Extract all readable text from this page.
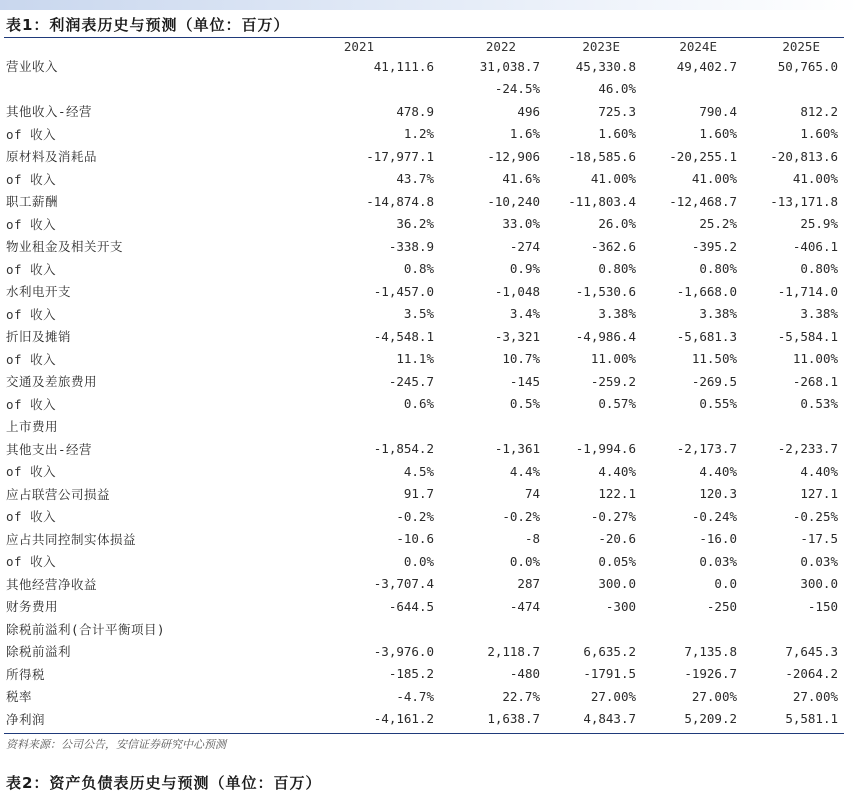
表1：利润表历史与预测（单位：百万）
	2021	2022	2023E	2024E	2025E
营业收入	41,111.6	31,038.7	45,330.8	49,402.7	50,765.0
		-24.5%	46.0%		
其他收入-经营	478.9	496	725.3	790.4	812.2
of 收入	1.2%	1.6%	1.60%	1.60%	1.60%
原材料及消耗品	-17,977.1	-12,906	-18,585.6	-20,255.1	-20,813.6
of 收入	43.7%	41.6%	41.00%	41.00%	41.00%
职工薪酬	-14,874.8	-10,240	-11,803.4	-12,468.7	-13,171.8
of 收入	36.2%	33.0%	26.0%	25.2%	25.9%
物业租金及相关开支	-338.9	-274	-362.6	-395.2	-406.1
of 收入	0.8%	0.9%	0.80%	0.80%	0.80%
水利电开支	-1,457.0	-1,048	-1,530.6	-1,668.0	-1,714.0
of 收入	3.5%	3.4%	3.38%	3.38%	3.38%
折旧及摊销	-4,548.1	-3,321	-4,986.4	-5,681.3	-5,584.1
of 收入	11.1%	10.7%	11.00%	11.50%	11.00%
交通及差旅费用	-245.7	-145	-259.2	-269.5	-268.1
of 收入	0.6%	0.5%	0.57%	0.55%	0.53%
上市费用					
其他支出-经营	-1,854.2	-1,361	-1,994.6	-2,173.7	-2,233.7
of 收入	4.5%	4.4%	4.40%	4.40%	4.40%
应占联营公司损益	91.7	74	122.1	120.3	127.1
of 收入	-0.2%	-0.2%	-0.27%	-0.24%	-0.25%
应占共同控制实体损益	-10.6	-8	-20.6	-16.0	-17.5
of 收入	0.0%	0.0%	0.05%	0.03%	0.03%
其他经营净收益	-3,707.4	287	300.0	0.0	300.0
财务费用	-644.5	-474	-300	-250	-150
除税前溢利(合计平衡项目)					
除税前溢利	-3,976.0	2,118.7	6,635.2	7,135.8	7,645.3
所得税	-185.2	-480	-1791.5	-1926.7	-2064.2
税率	-4.7%	22.7%	27.00%	27.00%	27.00%
净利润	-4,161.2	1,638.7	4,843.7	5,209.2	5,581.1
资料来源：公司公告，安信证券研究中心预测
表2：资产负债表历史与预测（单位：百万）
